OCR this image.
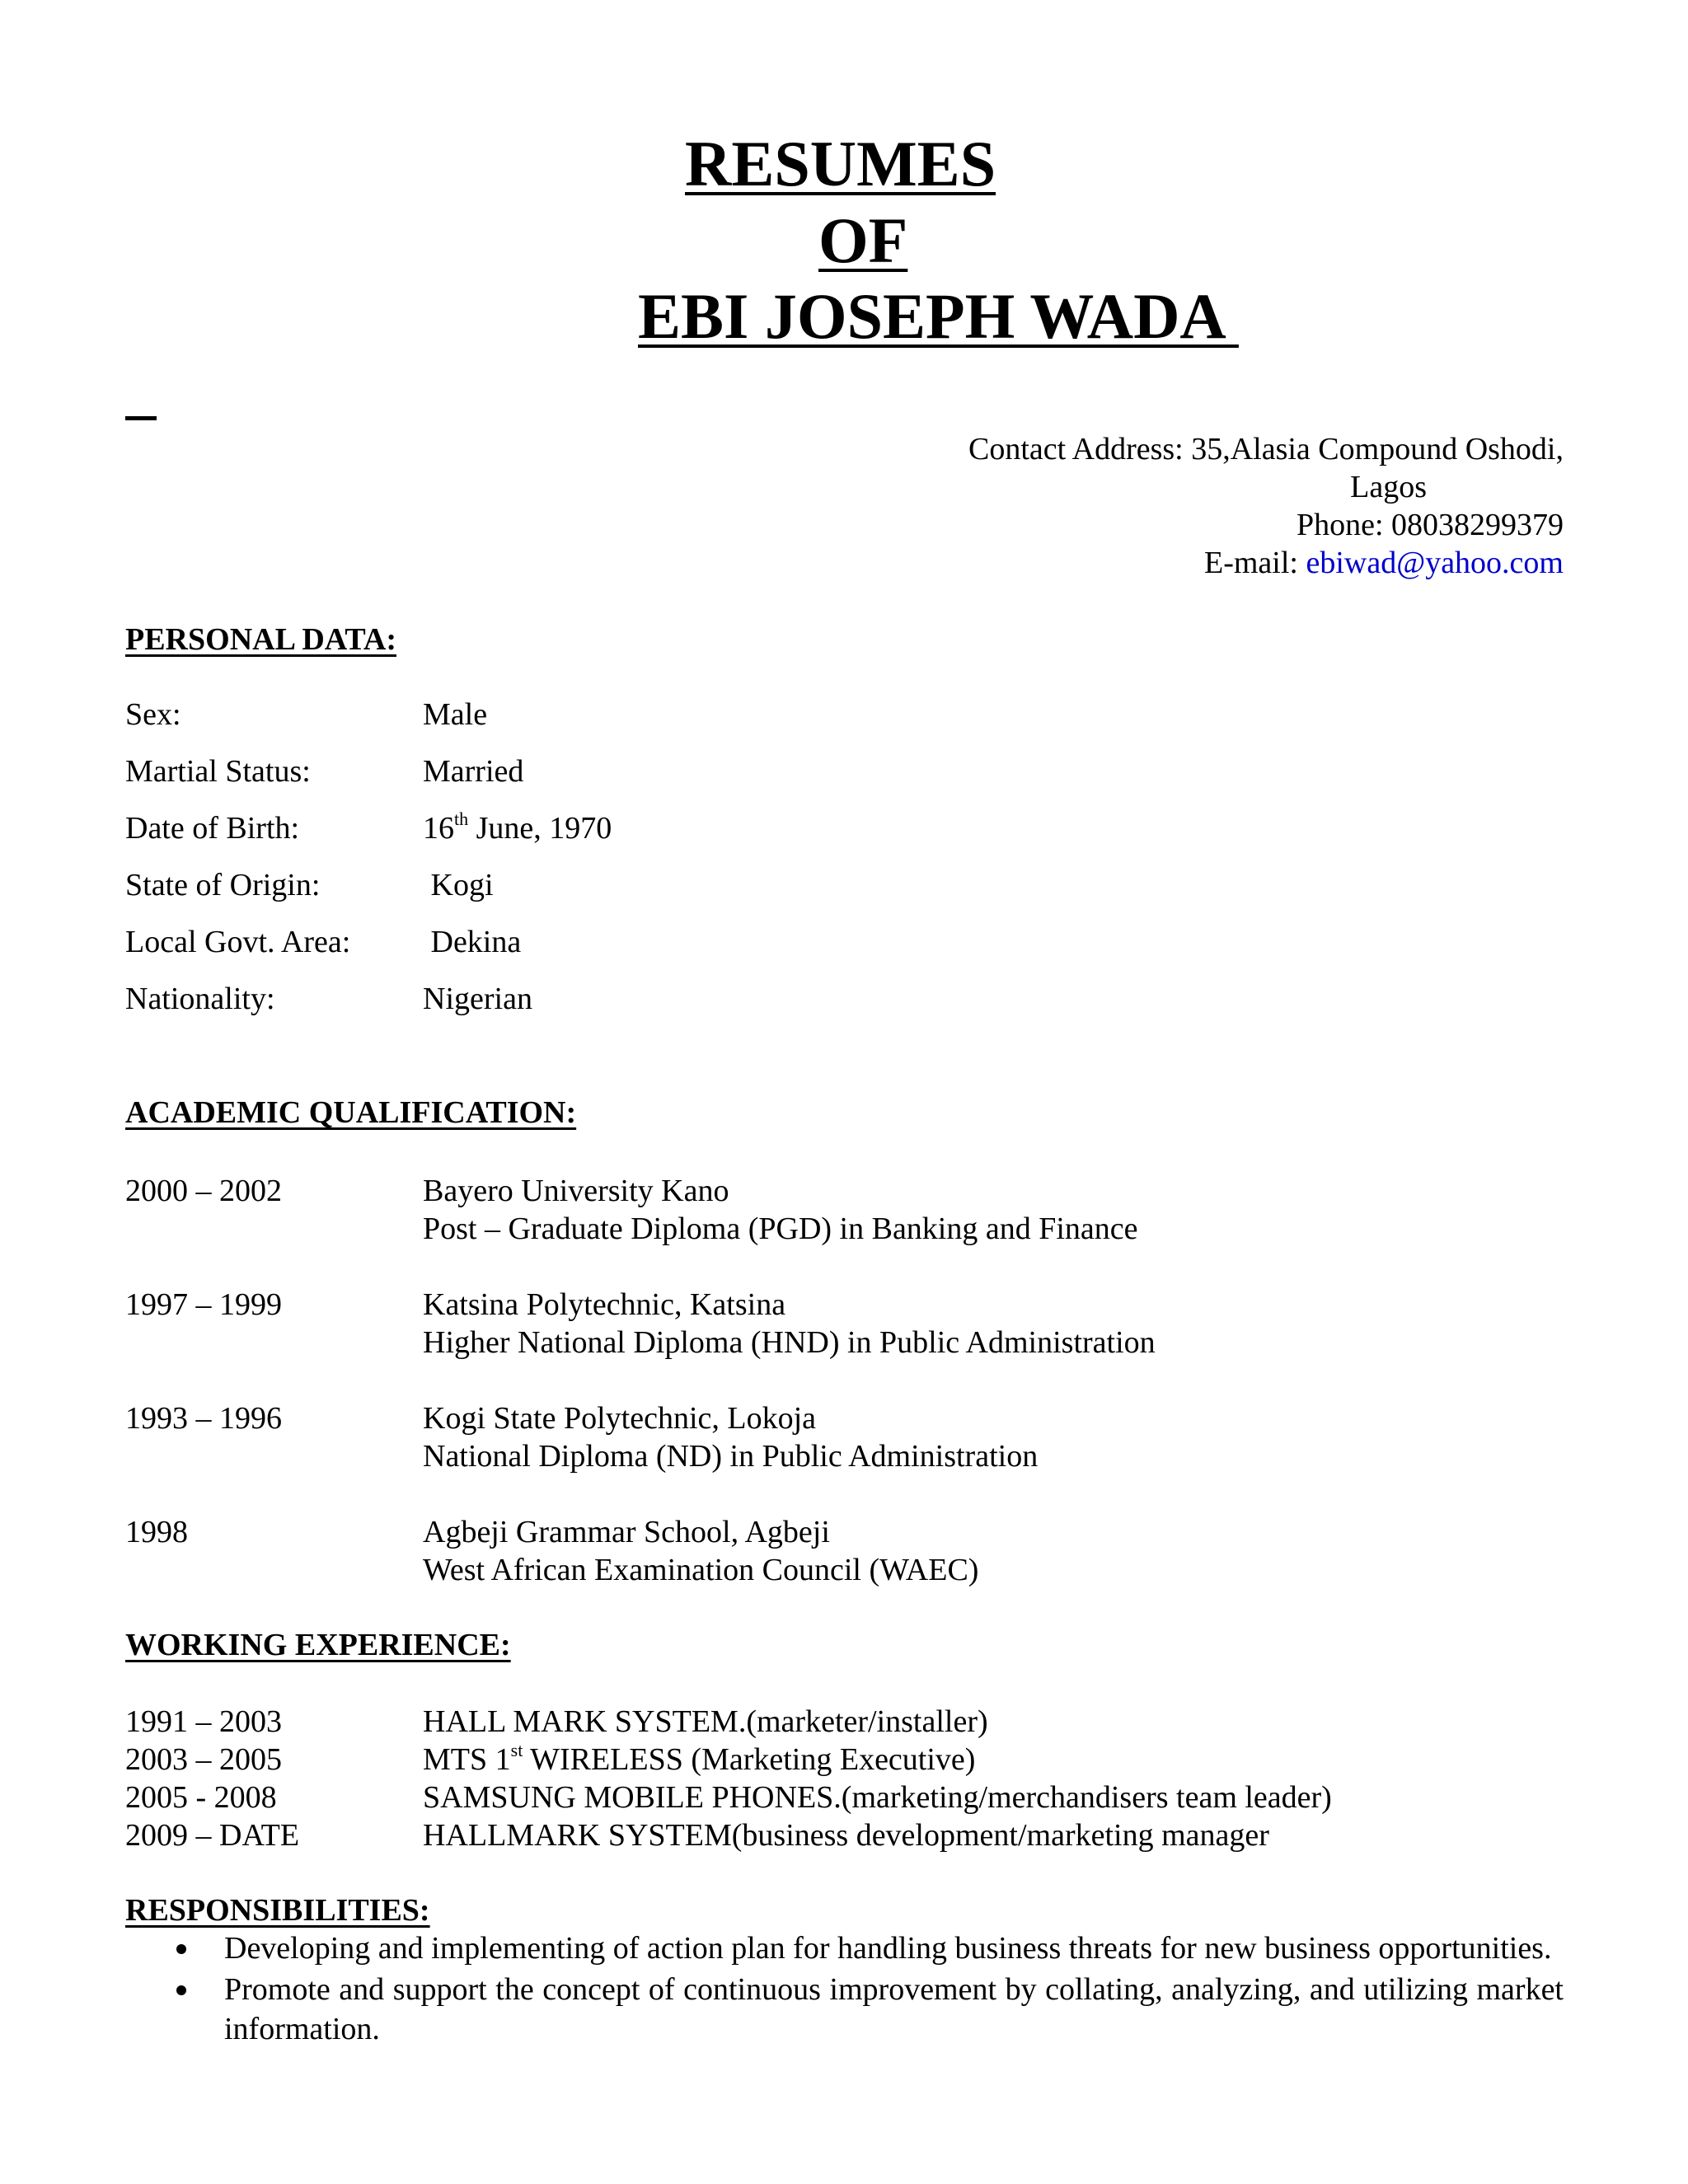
RESUMES
OF
EBI JOSEPH WADA
Contact Address: 35,Alasia Compound Oshodi,
Lagos
Phone: 08038299379
E-mail: ebiwad@yahoo.com
PERSONAL DATA:
Sex:	Male
Martial Status:	Married
Date of Birth:	16th June, 1970
State of Origin:	Kogi
Local Govt. Area: Dekina
Nationality:	Nigerian
ACADEMIC QUALIFICATION:
2000 – 2002	Bayero University Kano
Post – Graduate Diploma (PGD) in Banking and Finance
1997 – 1999	Katsina Polytechnic, Katsina
Higher National Diploma (HND) in Public Administration
1993 – 1996	Kogi State Polytechnic, Lokoja
National Diploma (ND) in Public Administration
1998	Agbeji Grammar School, Agbeji
West African Examination Council (WAEC)
WORKING EXPERIENCE:
1991 – 2003	HALL MARK SYSTEM.(marketer/installer)
2003 – 2005	MTS 1st WIRELESS (Marketing Executive)
2005 - 2008	SAMSUNG MOBILE PHONES.(marketing/merchandisers team leader)
2009 – DATE	HALLMARK SYSTEM(business development/marketing manager
RESPONSIBILITIES:
Developing and implementing of action plan for handling business threats for new business opportunities.
Promote and support the concept of continuous improvement by collating, analyzing, and utilizing market information.
